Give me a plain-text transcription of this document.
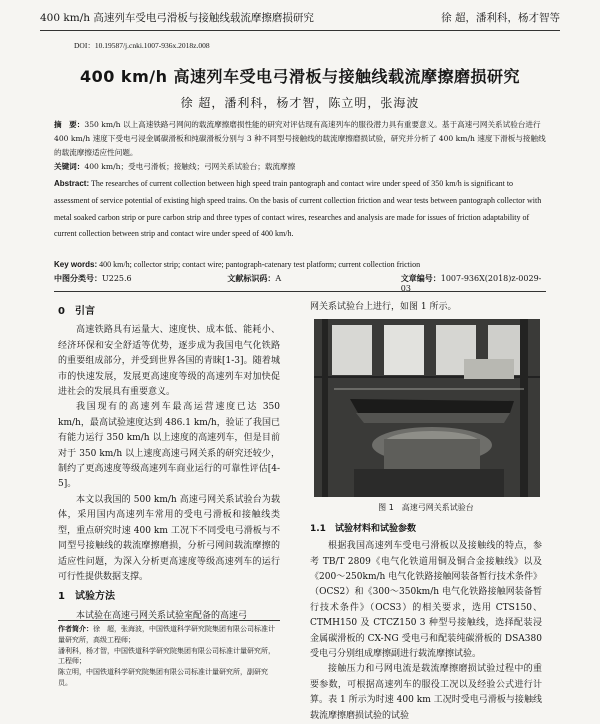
400 km/h 高速列车受电弓滑板与接触线载流摩擦磨损研究	徐 超，潘利科，杨才智等
DOI：10.19587/j.cnki.1007-936x.2018z.008
400 km/h 高速列车受电弓滑板与接触线载流摩擦磨损研究
徐 超，潘利科，杨才智，陈立明，张海波
摘　要：350 km/h 以上高速铁路弓网间的载流摩擦磨损性能的研究对评估现有高速列车的服役潜力具有重要意义。基于高速弓网关系试验台进行 400 km/h 速度下受电弓浸金属碳滑板和纯碳滑板分别与 3 种不同型号接触线的载流摩擦磨损试验，研究并分析了 400 km/h 速度下滑板与接触线的载流摩擦适应性问题。
关键词：400 km/h；受电弓滑板；接触线；弓网关系试验台；载流摩擦
Abstract: The researches of current collection between high speed train pantograph and contact wire under speed of 350 km/h is significant to assessment of service potential of existing high speed trains. On the basis of current collection friction and wear tests between pantograph collector with metal soaked carbon strip or pure carbon strip and three types of contact wires, researches and analysis are made for issues of friction adaptability of current collection between strip and contact wire under speed of 400 km/h.
Key words: 400 km/h; collector strip; contact wire; pantograph-catenary test platform; current collection friction
中图分类号：U225.6	文献标识码：A	文章编号：1007-936X(2018)z-0029-03
0　引言

高速铁路具有运量大、速度快、成本低、能耗小、经济环保和安全舒适等优势，逐步成为我国电气化铁路的重要组成部分，并受到世界各国的青睐[1-3]。随着城市的快速发展，发展更高速度等级的高速列车对加快促进社会的发展具有重要意义。

我国现有的高速列车最高运营速度已达 350 km/h，最高试验速度达到 486.1 km/h，验证了我国已有能力运行 350 km/h 以上速度的高速列车，但是目前对于 350 km/h 以上速度高速弓网关系的研究还较少，制约了更高速度等级高速列车商业运行的可靠性评估[4-5]。

本文以我国的 500 km/h 高速弓网关系试验台为载体，采用国内高速列车常用的受电弓滑板和接触线类型，重点研究时速 400 km 工况下不同受电弓滑板与不同型号接触线的载流摩擦磨损，分析弓网间载流摩擦的适应性问题，为深入分析更高速度等级高速列车的运行可行性提供数据支撑。

1　试验方法

本试验在高速弓网关系试验室配备的高速弓

作者简介：徐　超，张海波，中国铁道科学研究院集团有限公司标准计量研究所，高级工程师；
潘利科，杨才智，中国铁道科学研究院集团有限公司标准计量研究所，工程师；
陈立明，中国铁道科学研究院集团有限公司标准计量研究所，副研究员。

网关系试验台上进行，如图 1 所示。

图 1　高速弓网关系试验台
1.1　试验材料和试验参数

根据我国高速列车受电弓滑板以及接触线的特点，参考 TB/T 2809《电气化铁道用铜及铜合金接触线》以及《200～250km/h 电气化铁路接触网装备暂行技术条件》（OCS2）和《300～350km/h 电气化铁路接触网装备暂行技术条件》（OCS3）的相关要求，选用 CTS150、CTMH150 及 CTCZ150 3 种型号接触线，选择配装浸金属碳滑板的 CX-NG 受电弓和配装纯碳滑板的 DSA380 受电弓分别组成摩擦副进行载流摩擦试验。

接触压力和弓网电流是载流摩擦磨损试验过程中的重要参数，可根据高速列车的服役工况以及经验公式进行计算。表 1 所示为时速 400 km 工况时受电弓滑板与接触线载流摩擦磨损试验的试验
